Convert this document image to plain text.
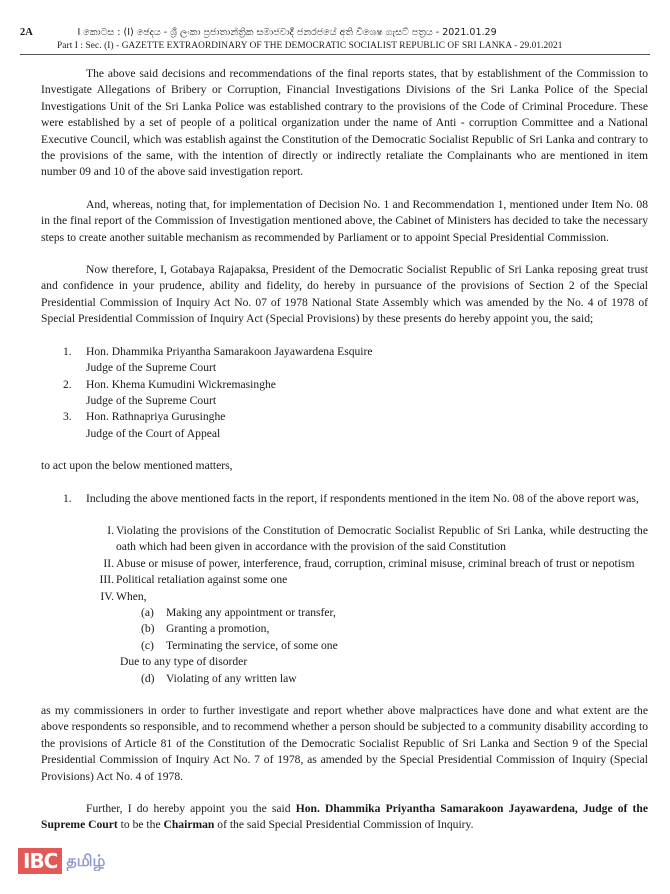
2A	I කොටස : (I) ඡෙදය - ශ්‍රී ලංකා ප්‍රජාතාන්ත්‍රික සමාජවාදී ජනරජයේ අති විශෙෂ ගැසට් පත්‍රය - 2021.01.29
Part I : Sec. (I) - GAZETTE EXTRAORDINARY OF THE DEMOCRATIC SOCIALIST REPUBLIC OF SRI LANKA - 29.01.2021

The above said decisions and recommendations of the final reports states, that by establishment of the Commission to Investigate Allegations of Bribery or Corruption, Financial Investigations Divisions of the Sri Lanka Police of the Special Investigations Unit of the Sri Lanka Police was established contrary to the provisions of the Code of Criminal Procedure. These were established by a set of people of a political organization under the name of Anti - corruption Committee and a National Executive Council, which was establish against the Constitution of the Democratic Socialist Republic of Sri Lanka and contrary to the provisions of the same, with the intention of directly or indirectly retaliate the Complainants who are mentioned in item number 09 and 10 of the above said investigation report.

And, whereas, noting that, for implementation of Decision No. 1 and Recommendation 1, mentioned under Item No. 08 in the final report of the Commission of Investigation mentioned above, the Cabinet of Ministers has decided to take the necessary steps to create another suitable mechanism as recommended by Parliament or to appoint Special Presidential Commission.

Now therefore, I, Gotabaya Rajapaksa, President of the Democratic Socialist Republic of Sri Lanka reposing great trust and confidence in your prudence, ability and fidelity, do hereby in pursuance of the provisions of Section 2 of the Special Presidential Commission of Inquiry Act No. 07 of 1978 National State Assembly which was amended by the No. 4 of 1978 of Special Presidential Commission of Inquiry Act (Special Provisions) by these presents do hereby appoint you, the said;

1. Hon. Dhammika Priyantha Samarakoon Jayawardena Esquire
Judge of the Supreme Court
2. Hon. Khema Kumudini Wickremasinghe
Judge of the Supreme Court
3. Hon. Rathnapriya Gurusinghe
Judge of the Court of Appeal

to act upon the below mentioned matters,

1. Including the above mentioned facts in the report, if respondents mentioned in the item No. 08 of the above report was,
I. Violating the provisions of the Constitution of Democratic Socialist Republic of Sri Lanka, while destructing the oath which had been given in accordance with the provision of the said Constitution
II. Abuse or misuse of power, interference, fraud, corruption, criminal misuse, criminal breach of trust or nepotism
III. Political retaliation against some one
IV. When,
(a) Making any appointment or transfer,
(b) Granting a promotion,
(c) Terminating the service, of some one
Due to any type of disorder
(d) Violating of any written law

as my commissioners in order to further investigate and report whether above malpractices have done and what extent are the above respondents so responsible, and to recommend whether a person should be subjected to a community disability according to the provisions of Article 81 of the Constitution of the Democratic Socialist Republic of Sri Lanka and Section 9 of the Special Presidential Commission of Inquiry Act No. 7 of 1978, as amended by the Special Presidential Commission of Inquiry (Special Provisions) Act No. 4 of 1978.

Further, I do hereby appoint you the said Hon. Dhammika Priyantha Samarakoon Jayawardena, Judge of the Supreme Court to be the Chairman of the said Special Presidential Commission of Inquiry.

IBC தமிழ்
